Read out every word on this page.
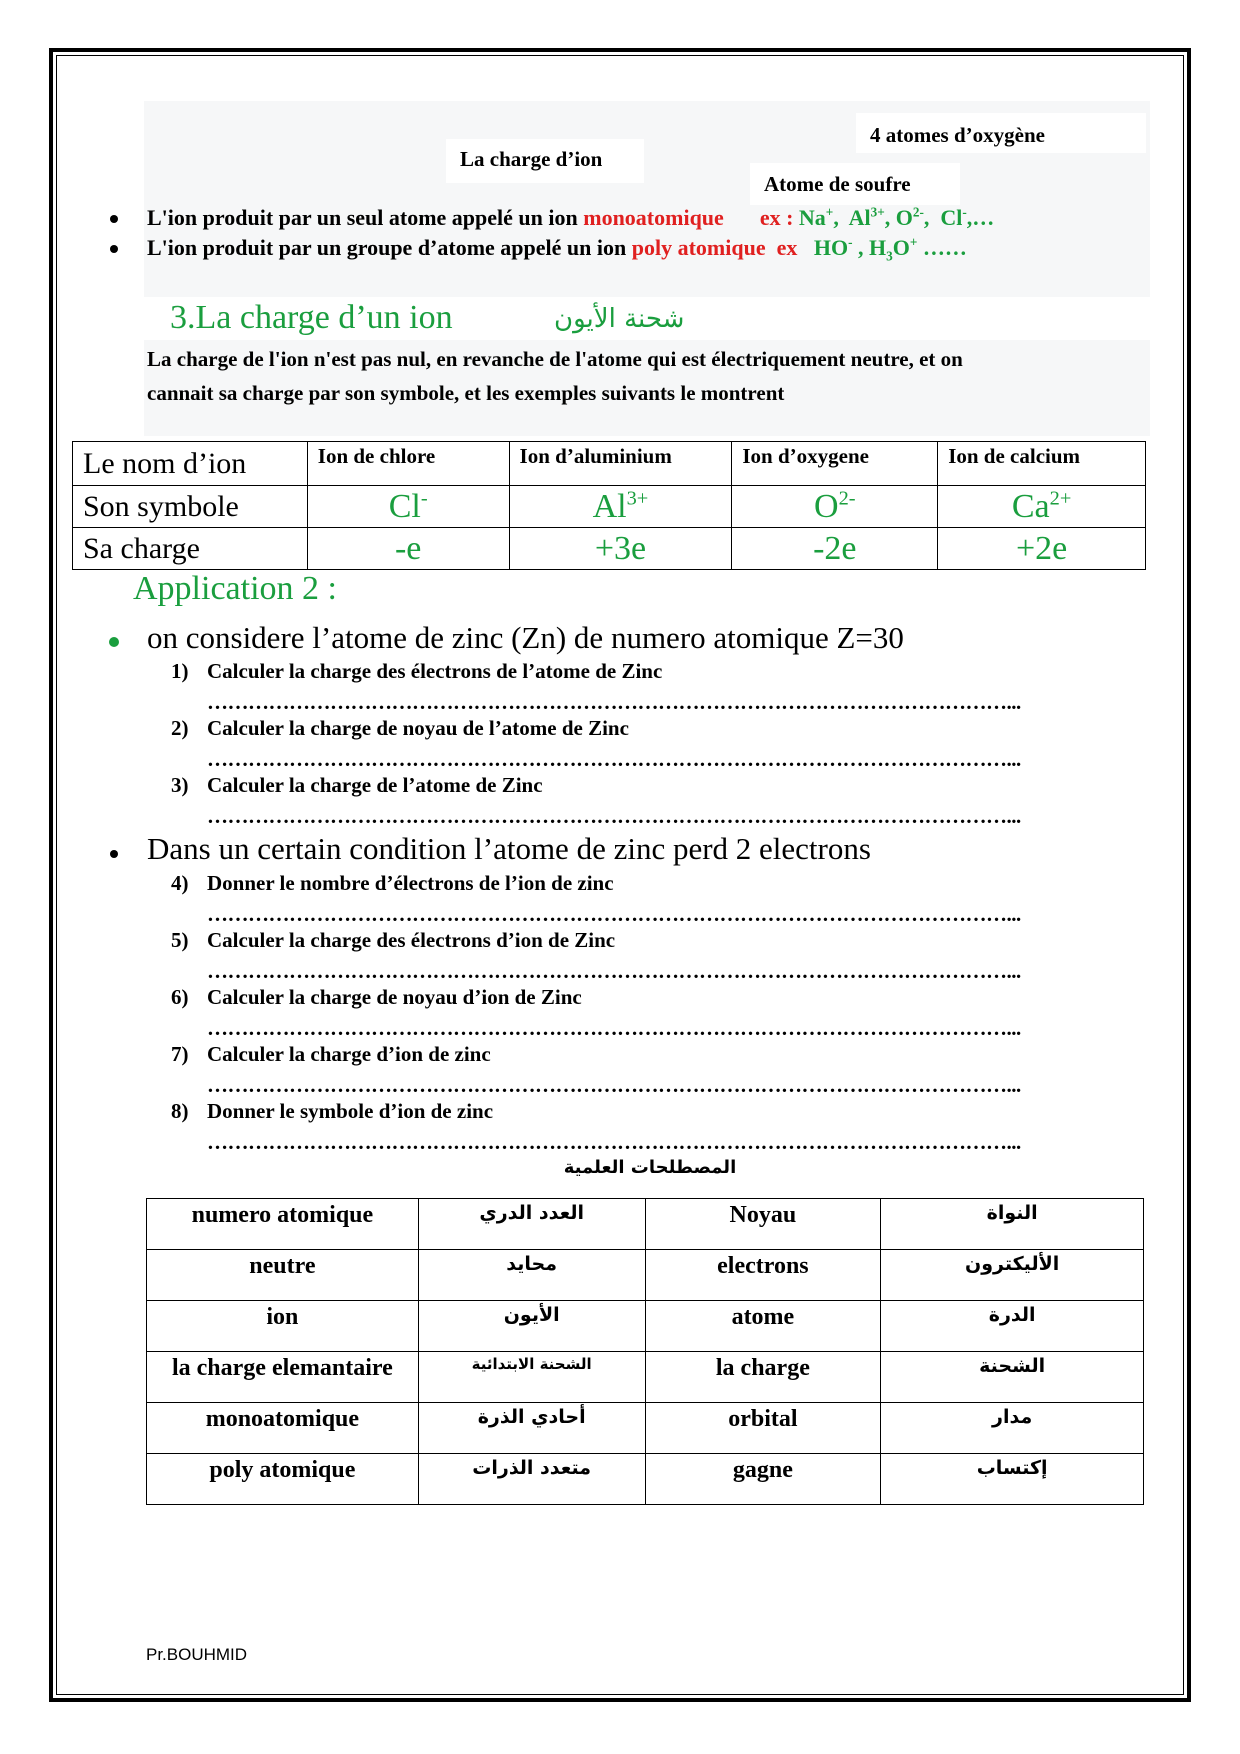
4 atomes d’oxygène
La charge d’ion
Atome de soufre
L'ion produit par un seul atome appelé un ion monoatomique ex : Na+,  $Al^{3+}$, $O^{2-}$,  Cl-,…
L'ion produit par un groupe d’atome appelé un ion poly atomique ex HO- , $H_3O^+$ ……
3.La charge d’un ion	شحنة الأيون
La charge de l'ion n'est pas nul, en revanche de l'atome qui est électriquement neutre, et on
cannait sa charge par son symbole, et les exemples suivants le montrent
Le nom d’ion	Ion de chlore	Ion d’aluminium	Ion d’oxygene	Ion de calcium
Son symbole	Cl-	$Al^{3+}$	$O^{2-}$	$Ca^{2+}$
Sa charge	-e	+3e	-2e	+2e
Application 2 :
on considere l’atome de zinc (Zn) de numero atomique Z=30
1) Calculer la charge des électrons de l’atome de Zinc
………………………………………………………………………………………………………...
2) Calculer la charge de noyau de l’atome de Zinc
………………………………………………………………………………………………………...
3) Calculer la charge de l’atome de Zinc
………………………………………………………………………………………………………...
Dans un certain condition l’atome de zinc perd 2 electrons
4) Donner le nombre d’électrons de l’ion de zinc
………………………………………………………………………………………………………...
5) Calculer la charge des électrons d’ion de Zinc
………………………………………………………………………………………………………...
6) Calculer la charge de noyau d’ion de Zinc
………………………………………………………………………………………………………...
7) Calculer la charge d’ion de zinc
………………………………………………………………………………………………………...
8) Donner le symbole d’ion de zinc
………………………………………………………………………………………………………...
المصطلحات العلمية
numero atomique	العدد الدري	Noyau	النواة
neutre	محايد	electrons	الأليكترون
ion	الأيون	atome	الدرة
la charge elemantaire	الشحنة الابتدائية	la charge	الشحنة
monoatomique	أحادي الذرة	orbital	مدار
poly atomique	متعدد الذرات	gagne	إكتساب
Pr.BOUHMID
